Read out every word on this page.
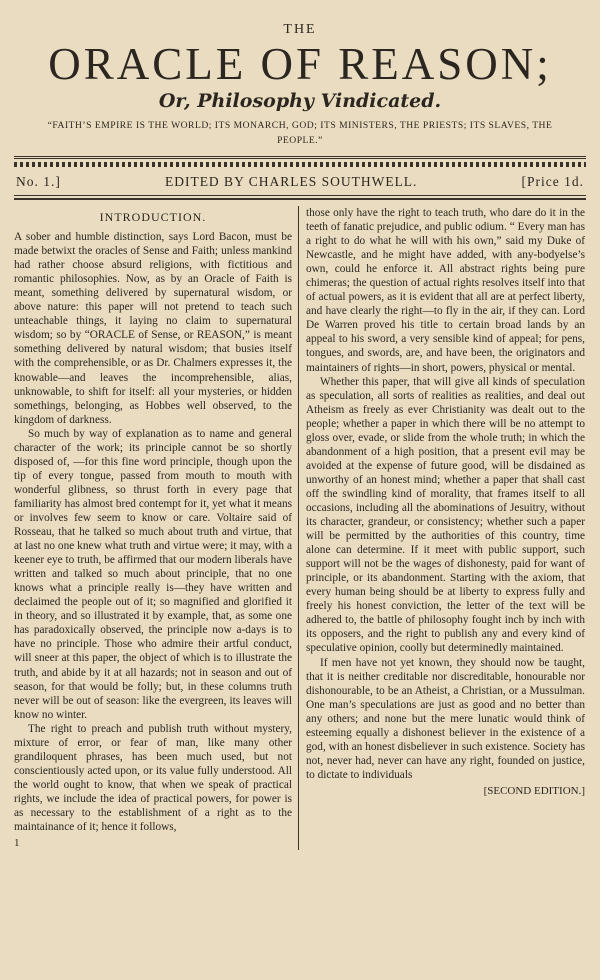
THE
ORACLE OF REASON;
Or, Philosophy Vindicated.
“FAITH’S EMPIRE IS THE WORLD; ITS MONARCH, GOD; ITS MINISTERS, THE PRIESTS; ITS SLAVES, THE PEOPLE.”
No. 1.]	EDITED BY CHARLES SOUTHWELL.	[Price 1d.
INTRODUCTION.

A sober and humble distinction, says Lord Bacon, must be made betwixt the oracles of Sense and Faith; unless mankind had rather choose absurd religions, with fictitious and romantic philosophies. Now, as by an Oracle of Faith is meant, something delivered by supernatural wisdom, or above nature: this paper will not pretend to teach such unteachable things, it laying no claim to supernatural wisdom; so by “ORACLE of Sense, or REASON,” is meant something delivered by natural wisdom; that busies itself with the comprehensible, or as Dr. Chalmers expresses it, the knowable—and leaves the incomprehensible, alias, unknowable, to shift for itself: all your mysteries, or hidden somethings, belonging, as Hobbes well observed, to the kingdom of darkness.

So much by way of explanation as to name and general character of the work; its principle cannot be so shortly disposed of, —for this fine word principle, though upon the tip of every tongue, passed from mouth to mouth with wonderful glibness, so thrust forth in every page that familiarity has almost bred contempt for it, yet what it means or involves few seem to know or care. Voltaire said of Rosseau, that he talked so much about truth and virtue, that at last no one knew what truth and virtue were; it may, with a keener eye to truth, be affirmed that our modern liberals have written and talked so much about principle, that no one knows what a principle really is—they have written and declaimed the people out of it; so magnified and glorified it in theory, and so illustrated it by example, that, as some one has paradoxically observed, the principle now a-days is to have no principle. Those who admire their artful conduct, will sneer at this paper, the object of which is to illustrate the truth, and abide by it at all hazards; not in season and out of season, for that would be folly; but, in these columns truth never will be out of season: like the evergreen, its leaves will know no winter.

The right to preach and publish truth without mystery, mixture of error, or fear of man, like many other grandiloquent phrases, has been much used, but not conscientiously acted upon, or its value fully understood. All the world ought to know, that when we speak of practical rights, we include the idea of practical powers, for power is as necessary to the establishment of a right as to the maintainance of it; hence it follows,

1

those only have the right to teach truth, who dare do it in the teeth of fanatic prejudice, and public odium. “ Every man has a right to do what he will with his own,” said my Duke of Newcastle, and he might have added, with any-bodyelse’s own, could he enforce it. All abstract rights being pure chimeras; the question of actual rights resolves itself into that of actual powers, as it is evident that all are at perfect liberty, and have clearly the right—to fly in the air, if they can. Lord De Warren proved his title to certain broad lands by an appeal to his sword, a very sensible kind of appeal; for pens, tongues, and swords, are, and have been, the originators and maintainers of rights—in short, powers, physical or mental.

Whether this paper, that will give all kinds of speculation as speculation, all sorts of realities as realities, and deal out Atheism as freely as ever Christianity was dealt out to the people; whether a paper in which there will be no attempt to gloss over, evade, or slide from the whole truth; in which the abandonment of a high position, that a present evil may be avoided at the expense of future good, will be disdained as unworthy of an honest mind; whether a paper that shall cast off the swindling kind of morality, that frames itself to all occasions, including all the abominations of Jesuitry, without its character, grandeur, or consistency; whether such a paper will be permitted by the authorities of this country, time alone can determine. If it meet with public support, such support will not be the wages of dishonesty, paid for want of principle, or its abandonment. Starting with the axiom, that every human being should be at liberty to express fully and freely his honest conviction, the letter of the text will be adhered to, the battle of philosophy fought inch by inch with its opposers, and the right to publish any and every kind of speculative opinion, coolly but determinedly maintained.

If men have not yet known, they should now be taught, that it is neither creditable nor discreditable, honourable nor dishonourable, to be an Atheist, a Christian, or a Mussulman. One man’s speculations are just as good and no better than any others; and none but the mere lunatic would think of esteeming equally a dishonest believer in the existence of a god, with an honest disbeliever in such existence. Society has not, never had, never can have any right, founded on justice, to dictate to individuals

[SECOND EDITION.]
